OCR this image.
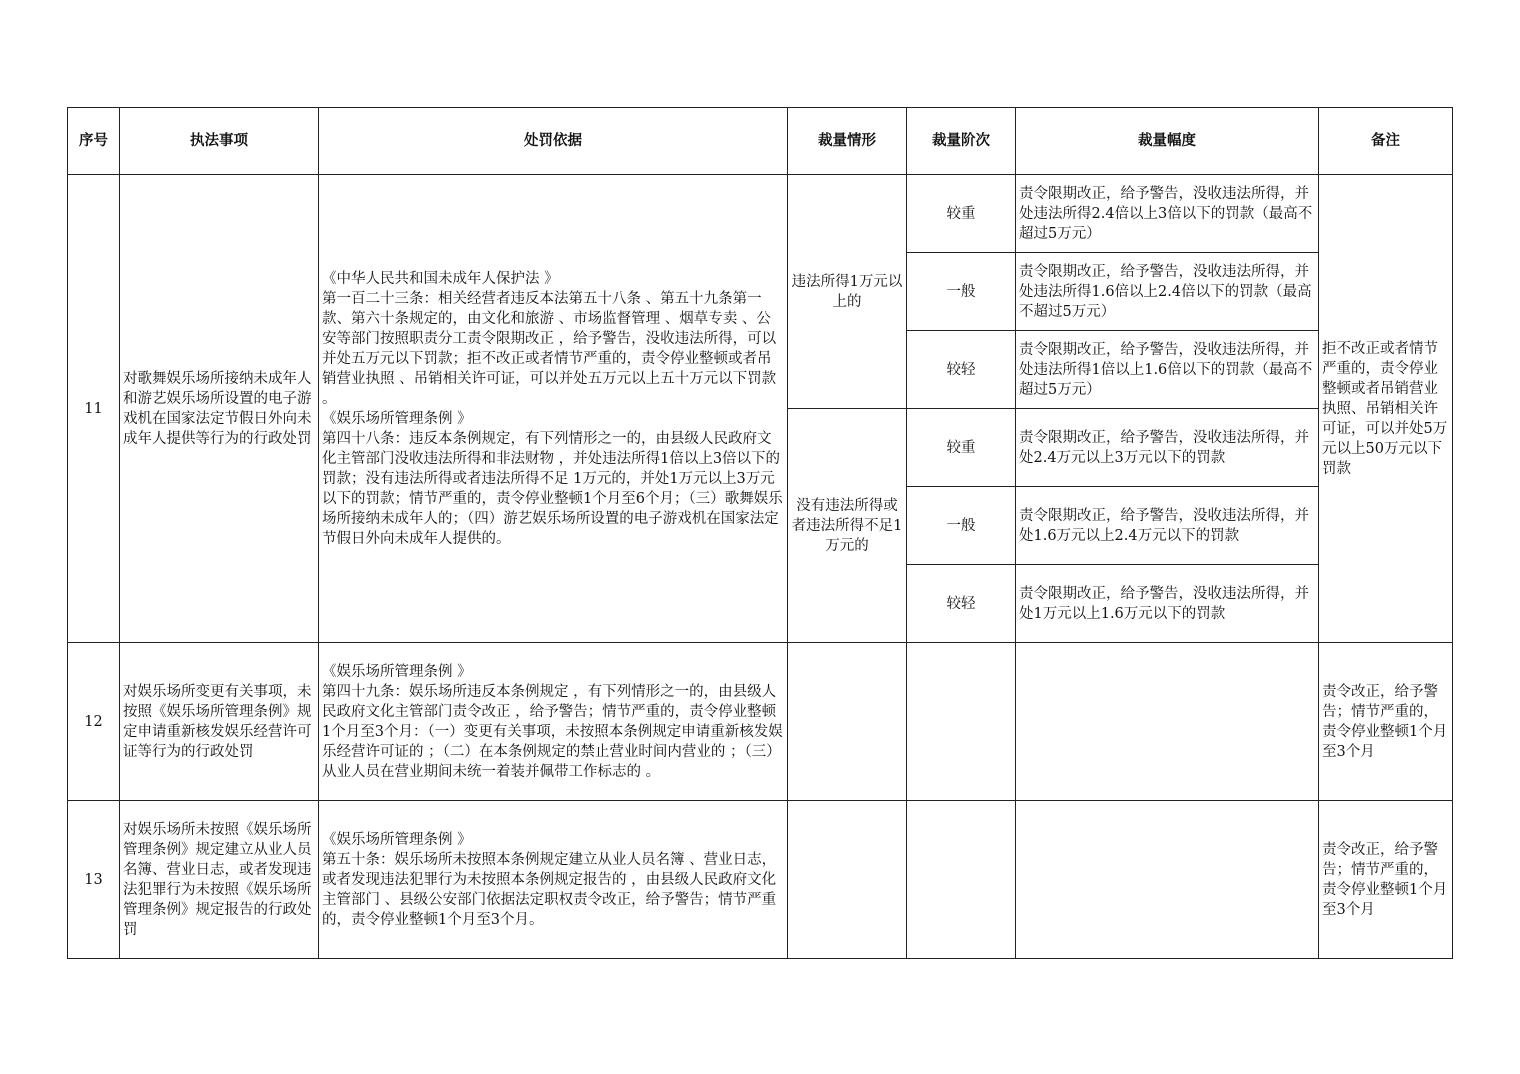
序号	执法事项	处罚依据	裁量情形	裁量阶次	裁量幅度	备注
11	对歌舞娱乐场所接纳未成年人和游艺娱乐场所设置的电子游戏机在国家法定节假日外向未成年人提供等行为的行政处罚	《中华人民共和国未成年人保护法 》
第一百二十三条：相关经营者违反本法第五十八条 、第五十九条第一款、第六十条规定的，由文化和旅游 、市场监督管理 、烟草专卖 、公安等部门按照职责分工责令限期改正 ，给予警告，没收违法所得，可以并处五万元以下罚款；拒不改正或者情节严重的，责令停业整顿或者吊销营业执照 、吊销相关许可证，可以并处五万元以上五十万元以下罚款 。
《娱乐场所管理条例 》
第四十八条：违反本条例规定，有下列情形之一的，由县级人民政府文化主管部门没收违法所得和非法财物 ，并处违法所得1倍以上3倍以下的罚款；没有违法所得或者违法所得不足 1万元的，并处1万元以上3万元以下的罚款；情节严重的，责令停业整顿1个月至6个月；（三）歌舞娱乐场所接纳未成年人的；（四）游艺娱乐场所设置的电子游戏机在国家法定节假日外向未成年人提供的。	违法所得1万元以上的	较重	责令限期改正，给予警告，没收违法所得，并处违法所得2.4倍以上3倍以下的罚款（最高不超过5万元）	拒不改正或者情节严重的，责令停业整顿或者吊销营业执照、吊销相关许可证，可以并处5万元以上50万元以下罚款
				一般	责令限期改正，给予警告，没收违法所得，并处违法所得1.6倍以上2.4倍以下的罚款（最高不超过5万元）	
				较轻	责令限期改正，给予警告，没收违法所得，并处违法所得1倍以上1.6倍以下的罚款（最高不超过5万元）	
			没有违法所得或者违法所得不足1万元的	较重	责令限期改正，给予警告，没收违法所得，并处2.4万元以上3万元以下的罚款	
				一般	责令限期改正，给予警告，没收违法所得，并处1.6万元以上2.4万元以下的罚款	
				较轻	责令限期改正，给予警告，没收违法所得，并处1万元以上1.6万元以下的罚款	
12	对娱乐场所变更有关事项，未按照《娱乐场所管理条例》规定申请重新核发娱乐经营许可证等行为的行政处罚	《娱乐场所管理条例 》
第四十九条：娱乐场所违反本条例规定 ，有下列情形之一的，由县级人民政府文化主管部门责令改正 ，给予警告；情节严重的，责令停业整顿1个月至3个月：（一）变更有关事项，未按照本条例规定申请重新核发娱乐经营许可证的 ；（二）在本条例规定的禁止营业时间内营业的 ；（三）从业人员在营业期间未统一着装并佩带工作标志的 。				责令改正，给予警告；情节严重的，责令停业整顿1个月至3个月
13	对娱乐场所未按照《娱乐场所管理条例》规定建立从业人员名簿、营业日志，或者发现违法犯罪行为未按照《娱乐场所管理条例》规定报告的行政处罚	《娱乐场所管理条例 》
第五十条：娱乐场所未按照本条例规定建立从业人员名簿 、营业日志，或者发现违法犯罪行为未按照本条例规定报告的 ，由县级人民政府文化主管部门 、县级公安部门依据法定职权责令改正，给予警告；情节严重的，责令停业整顿1个月至3个月。				责令改正，给予警告；情节严重的，责令停业整顿1个月至3个月
